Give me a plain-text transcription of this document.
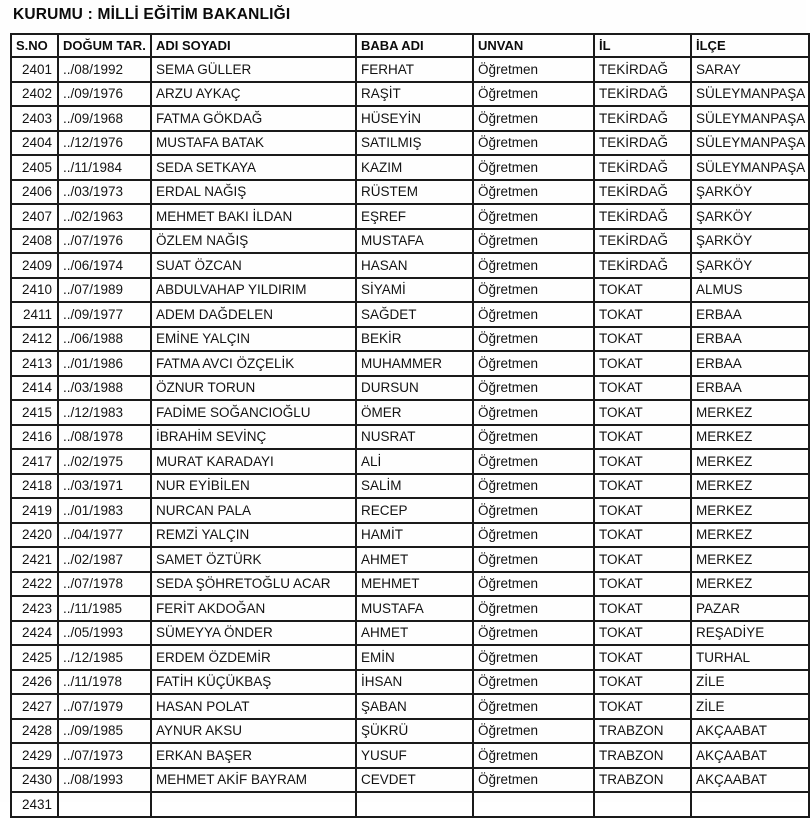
KURUMU : MİLLİ EĞİTİM BAKANLIĞI
S.NO	DOĞUM TAR.	ADI SOYADI	BABA ADI	UNVAN	İL	İLÇE
2401	../08/1992	SEMA GÜLLER	FERHAT	Öğretmen	TEKİRDAĞ	SARAY
2402	../09/1976	ARZU AYKAÇ	RAŞİT	Öğretmen	TEKİRDAĞ	SÜLEYMANPAŞA
2403	../09/1968	FATMA GÖKDAĞ	HÜSEYİN	Öğretmen	TEKİRDAĞ	SÜLEYMANPAŞA
2404	../12/1976	MUSTAFA BATAK	SATILMIŞ	Öğretmen	TEKİRDAĞ	SÜLEYMANPAŞA
2405	../11/1984	SEDA SETKAYA	KAZIM	Öğretmen	TEKİRDAĞ	SÜLEYMANPAŞA
2406	../03/1973	ERDAL NAĞIŞ	RÜSTEM	Öğretmen	TEKİRDAĞ	ŞARKÖY
2407	../02/1963	MEHMET BAKI İLDAN	EŞREF	Öğretmen	TEKİRDAĞ	ŞARKÖY
2408	../07/1976	ÖZLEM NAĞIŞ	MUSTAFA	Öğretmen	TEKİRDAĞ	ŞARKÖY
2409	../06/1974	SUAT ÖZCAN	HASAN	Öğretmen	TEKİRDAĞ	ŞARKÖY
2410	../07/1989	ABDULVAHAP YILDIRIM	SİYAMİ	Öğretmen	TOKAT	ALMUS
2411	../09/1977	ADEM DAĞDELEN	SAĞDET	Öğretmen	TOKAT	ERBAA
2412	../06/1988	EMİNE YALÇIN	BEKİR	Öğretmen	TOKAT	ERBAA
2413	../01/1986	FATMA AVCI ÖZÇELİK	MUHAMMER	Öğretmen	TOKAT	ERBAA
2414	../03/1988	ÖZNUR TORUN	DURSUN	Öğretmen	TOKAT	ERBAA
2415	../12/1983	FADİME SOĞANCIOĞLU	ÖMER	Öğretmen	TOKAT	MERKEZ
2416	../08/1978	İBRAHİM SEVİNÇ	NUSRAT	Öğretmen	TOKAT	MERKEZ
2417	../02/1975	MURAT KARADAYI	ALİ	Öğretmen	TOKAT	MERKEZ
2418	../03/1971	NUR EYİBİLEN	SALİM	Öğretmen	TOKAT	MERKEZ
2419	../01/1983	NURCAN PALA	RECEP	Öğretmen	TOKAT	MERKEZ
2420	../04/1977	REMZİ YALÇIN	HAMİT	Öğretmen	TOKAT	MERKEZ
2421	../02/1987	SAMET ÖZTÜRK	AHMET	Öğretmen	TOKAT	MERKEZ
2422	../07/1978	SEDA ŞÖHRETOĞLU ACAR	MEHMET	Öğretmen	TOKAT	MERKEZ
2423	../11/1985	FERİT AKDOĞAN	MUSTAFA	Öğretmen	TOKAT	PAZAR
2424	../05/1993	SÜMEYYA ÖNDER	AHMET	Öğretmen	TOKAT	REŞADİYE
2425	../12/1985	ERDEM ÖZDEMİR	EMİN	Öğretmen	TOKAT	TURHAL
2426	../11/1978	FATİH KÜÇÜKBAŞ	İHSAN	Öğretmen	TOKAT	ZİLE
2427	../07/1979	HASAN POLAT	ŞABAN	Öğretmen	TOKAT	ZİLE
2428	../09/1985	AYNUR AKSU	ŞÜKRÜ	Öğretmen	TRABZON	AKÇAABAT
2429	../07/1973	ERKAN BAŞER	YUSUF	Öğretmen	TRABZON	AKÇAABAT
2430	../08/1993	MEHMET AKİF BAYRAM	CEVDET	Öğretmen	TRABZON	AKÇAABAT
2431						
